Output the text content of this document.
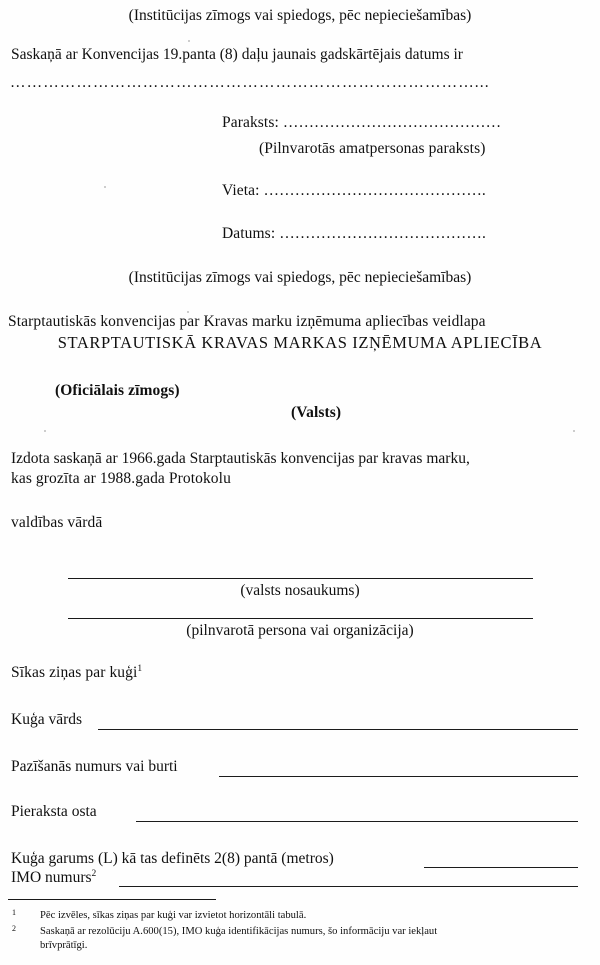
(Institūcijas zīmogs vai spiedogs, pēc nepieciešamības)
Saskaņā ar Konvencijas 19.panta (8) daļu jaunais gadskārtējais datums ir
…………………………………………………………………………...
Paraksts: ……………………………………
(Pilnvarotās amatpersonas paraksts)
Vieta: …………………………………….
Datums: ………………………………….
(Institūcijas zīmogs vai spiedogs, pēc nepieciešamības)
Starptautiskās konvencijas par Kravas marku izņēmuma apliecības veidlapa
STARPTAUTISKĀ KRAVAS MARKAS IZŅĒMUMA APLIECĪBA
(Oficiālais zīmogs)
(Valsts)
Izdota saskaņā ar 1966.gada Starptautiskās konvencijas par kravas marku,
kas grozīta ar 1988.gada Protokolu
valdības vārdā
(valsts nosaukums)
(pilnvarotā persona vai organizācija)
Sīkas ziņas par kuģi$^1$
Kuģa vārds
Pazīšanās numurs vai burti
Pieraksta osta
Kuģa garums (L) kā tas definēts 2(8) pantā (metros)
IMO numurs$^2$
1 Pēc izvēles, sīkas ziņas par kuģi var izvietot horizontāli tabulā.
2 Saskaņā ar rezolūciju A.600(15), IMO kuģa identifikācijas numurs, šo informāciju var iekļaut
brīvprātīgi.
